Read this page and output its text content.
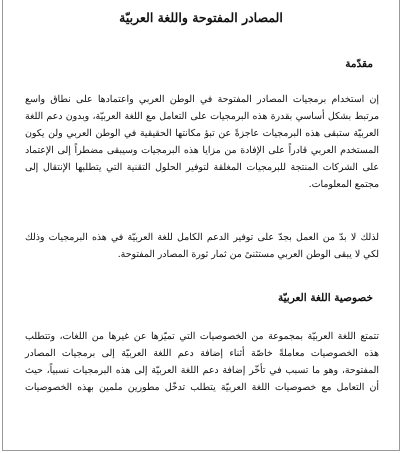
المصادر المفتوحة واللغة العربيّة
مقدّمة
إن استخدام برمجيات المصادر المفتوحة في الوطن العربي واعتمادها على نطاق واسع
مرتبط بشكل أساسي بقدرة هذه البرمجيات على التعامل مع اللغة العربيّة، وبدون دعم اللغة
العربيّة ستبقى هذه البرمجيات عاجزةً عن تبؤ مكانتها الحقيقية في الوطن العربي ولن يكون
المستخدم العربي قادراً على الإفادة من مزايا هذه البرمجيات وسيبقى مضطراً إلى الإعتماد
على الشركات المنتجة للبرمجيات المغلقة لتوفير الحلول التقنية التي يتطلبها الإنتقال إلى
مجتمع المعلومات.
لذلك لا بدّ من العمل بجدّ على توفير الدعم الكامل للغة العربيّة في هذه البرمجيات وذلك
لكي لا يبقى الوطن العربي مستثنىً من ثمار ثورة المصادر المفتوحة.
خصوصية اللغة العربيّة
تتمتع اللغة العربيّة بمجموعة من الخصوصيات التي تميّزها عن غيرها من اللغات، وتتطلب
هذه الخصوصيات معاملةً خاصّة أثناء إضافة دعم اللغة العربيّة إلى برمجيات المصادر
المفتوحة، وهو ما تسبب في تأخّر إضافة دعم اللغة العربيّة إلى هذه البرمجيات نسبياً، حيث
أن التعامل مع خصوصيات اللغة العربيّة يتطلب تدخّل مطورين ملمين بهذه الخصوصيات
